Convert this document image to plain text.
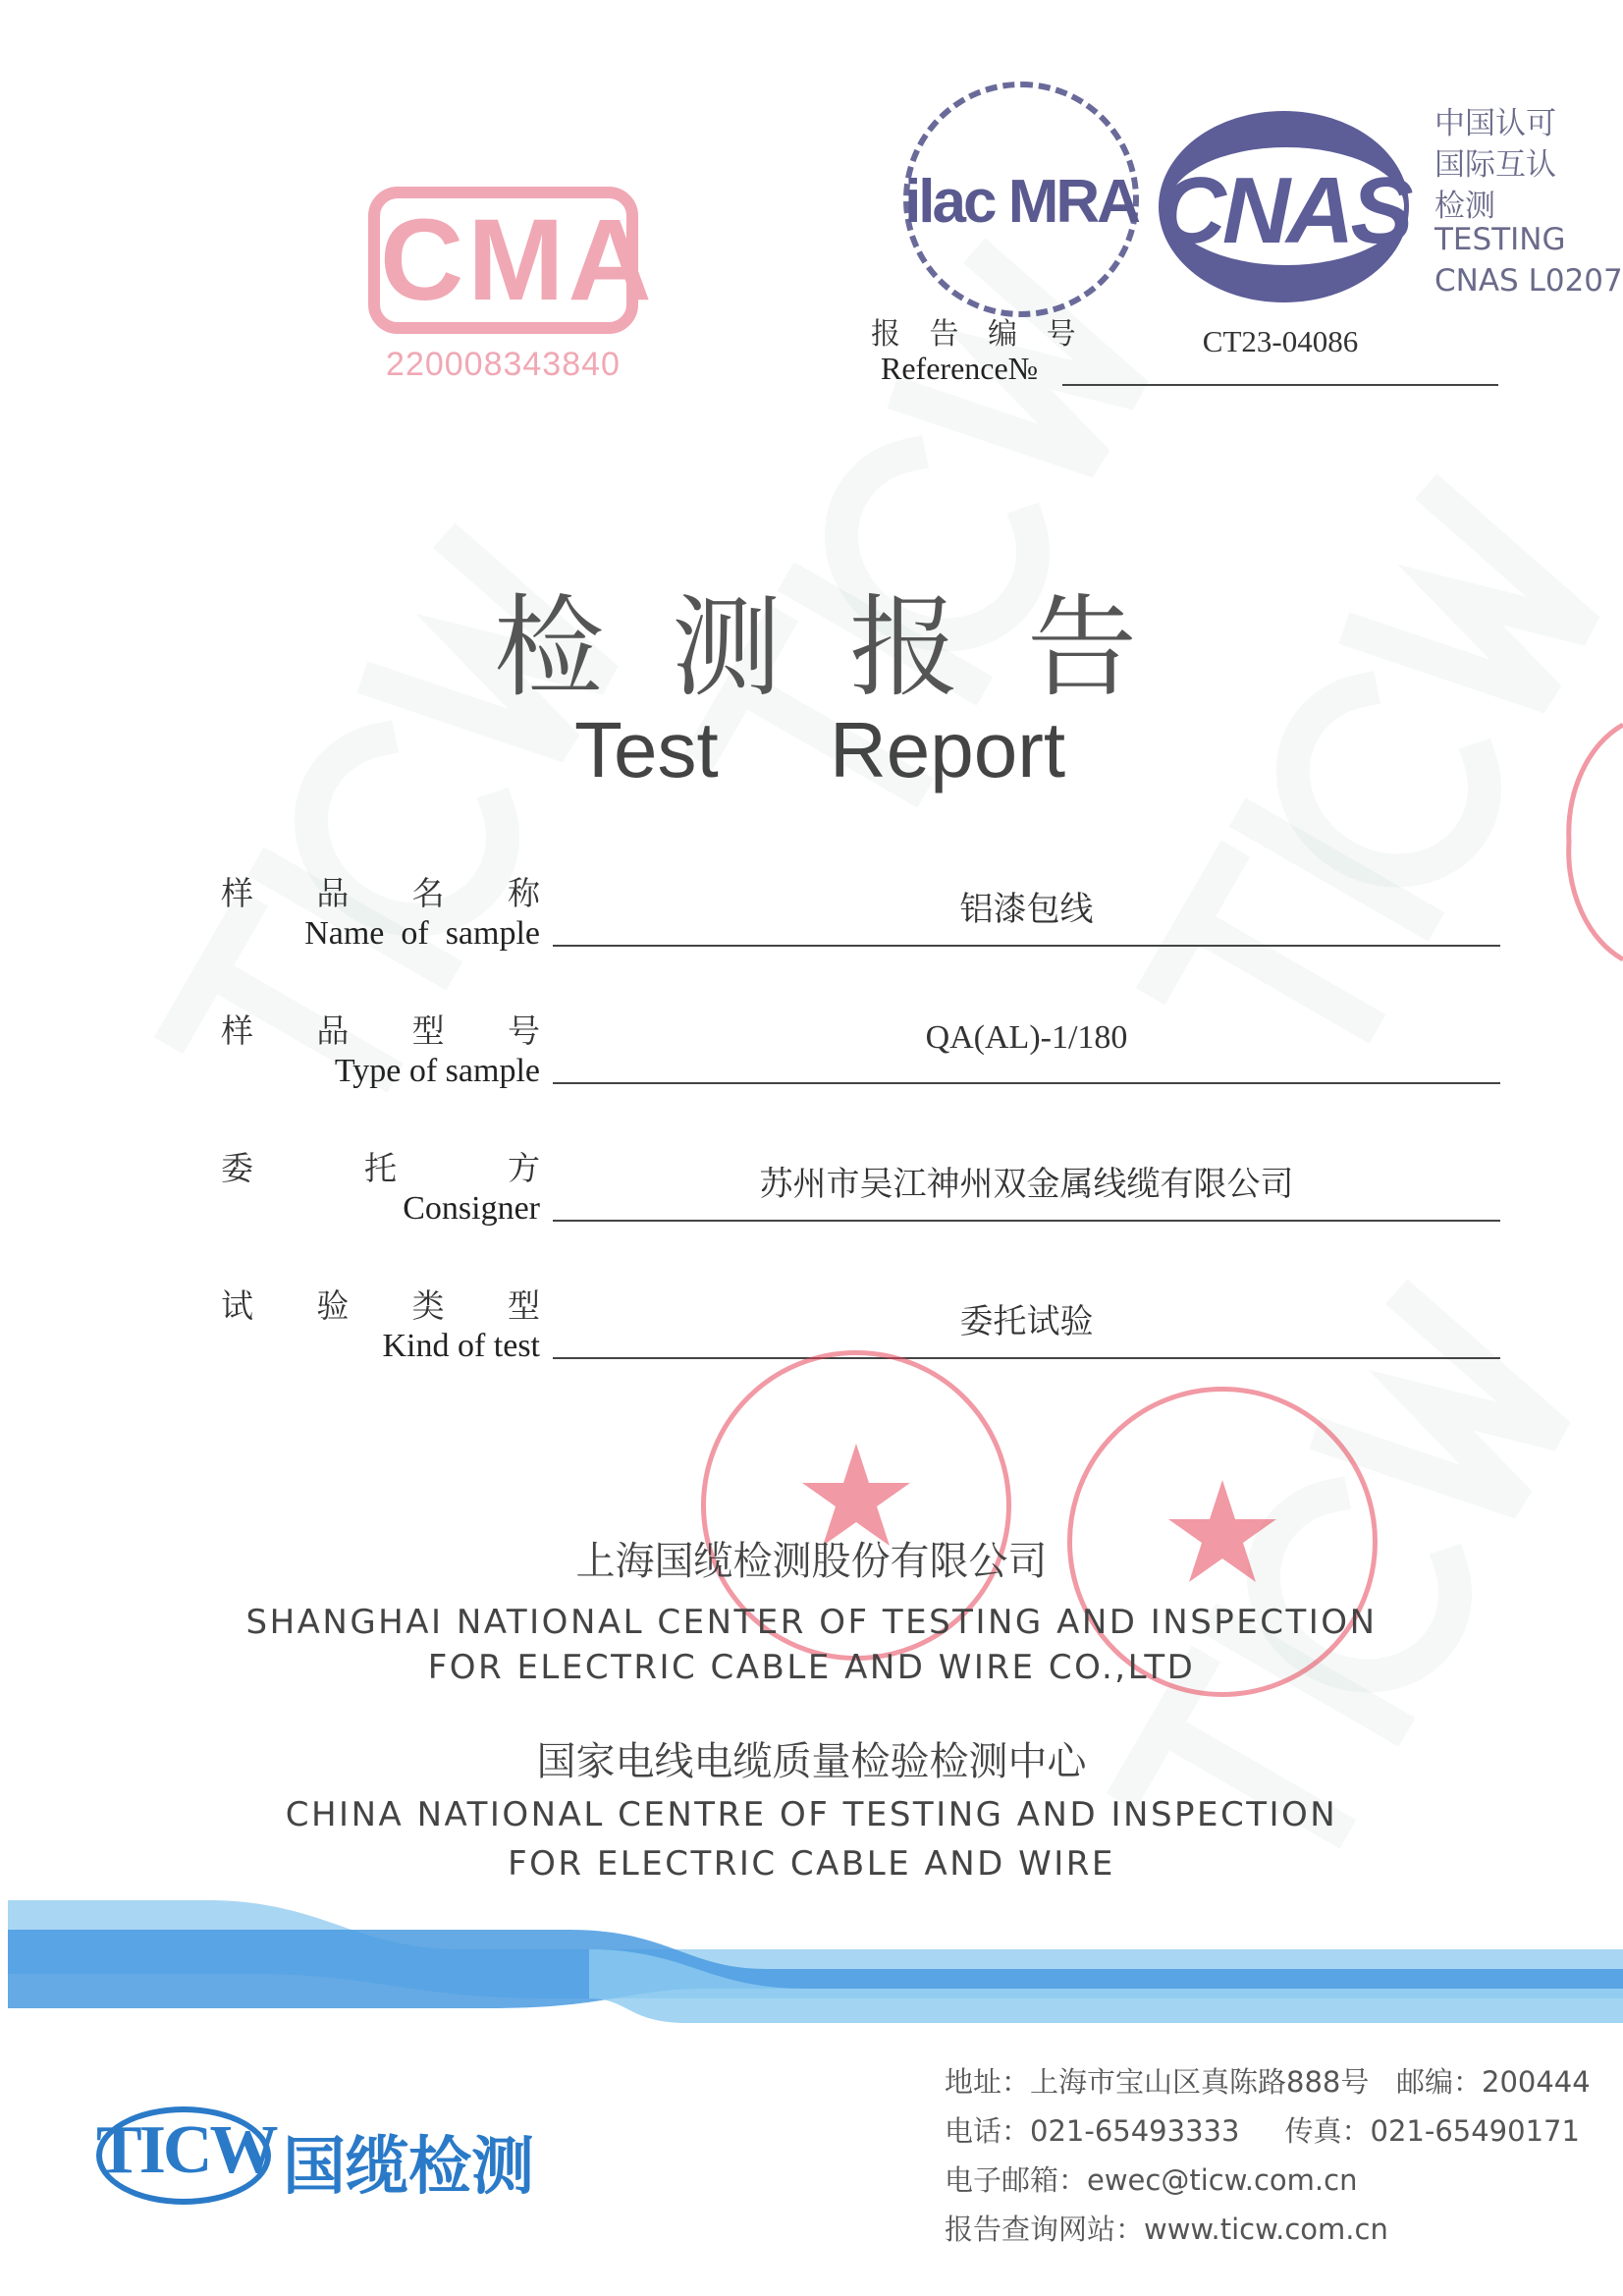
CMA
220008343840
ilac MRA CNAS
中国认可
国际互认
检测
TESTING
CNAS L0207
报 告 编 号
Reference№
CT23-04086
检测报告
Test Report
样 品 名 称
Name  of  sample
铝漆包线
样 品 型 号
Type of sample
QA(AL)-1/180
委	托	方
Consigner
苏州市吴江神州双金属线缆有限公司
试 验 类 型
Kind of test
委托试验
上海国缆检测股份有限公司
SHANGHAI NATIONAL CENTER OF TESTING AND INSPECTION
FOR ELECTRIC CABLE AND WIRE CO.,LTD
国家电线电缆质量检验检测中心
CHINA NATIONAL CENTRE OF TESTING AND INSPECTION
FOR ELECTRIC CABLE AND WIRE
TICW 国缆检测
地址：上海市宝山区真陈路888号   邮编：200444
电话：021-65493333     传真：021-65490171
电子邮箱：ewec@ticw.com.cn
报告查询网站：www.ticw.com.cn
